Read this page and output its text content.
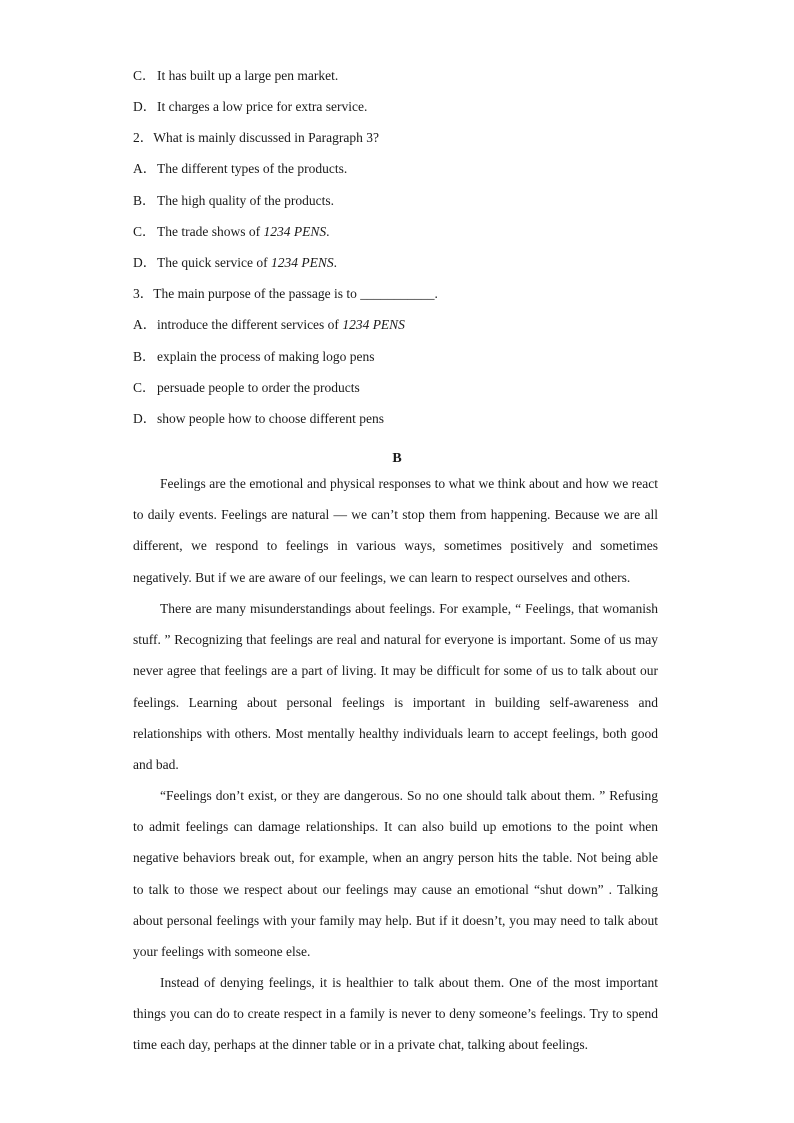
C．It has built up a large pen market.
D．It charges a low price for extra service.
2．What is mainly discussed in Paragraph 3?
A．The different types of the products.
B．The high quality of the products.
C．The trade shows of 1234 PENS.
D．The quick service of 1234 PENS.
3．The main purpose of the passage is to ___________.
A．introduce the different services of 1234 PENS
B．explain the process of making logo pens
C．persuade people to order the products
D．show people how to choose different pens
B

Feelings are the emotional and physical responses to what we think about and how we react to daily events. Feelings are natural — we can’t stop them from happening. Because we are all different, we respond to feelings in various ways, sometimes positively and sometimes negatively. But if we are aware of our feelings, we can learn to respect ourselves and others.

There are many misunderstandings about feelings. For example, “ Feelings, that womanish stuff. ” Recognizing that feelings are real and natural for everyone is important. Some of us may never agree that feelings are a part of living. It may be difficult for some of us to talk about our feelings. Learning about personal feelings is important in building self-awareness and relationships with others. Most mentally healthy individuals learn to accept feelings, both good and bad.

“Feelings don’t exist, or they are dangerous. So no one should talk about them. ” Refusing to admit feelings can damage relationships. It can also build up emotions to the point when negative behaviors break out, for example, when an angry person hits the table. Not being able to talk to those we respect about our feelings may cause an emotional “shut down” . Talking about personal feelings with your family may help. But if it doesn’t, you may need to talk about your feelings with someone else.

Instead of denying feelings, it is healthier to talk about them. One of the most important things you can do to create respect in a family is never to deny someone’s feelings. Try to spend time each day, perhaps at the dinner table or in a private chat, talking about feelings.
